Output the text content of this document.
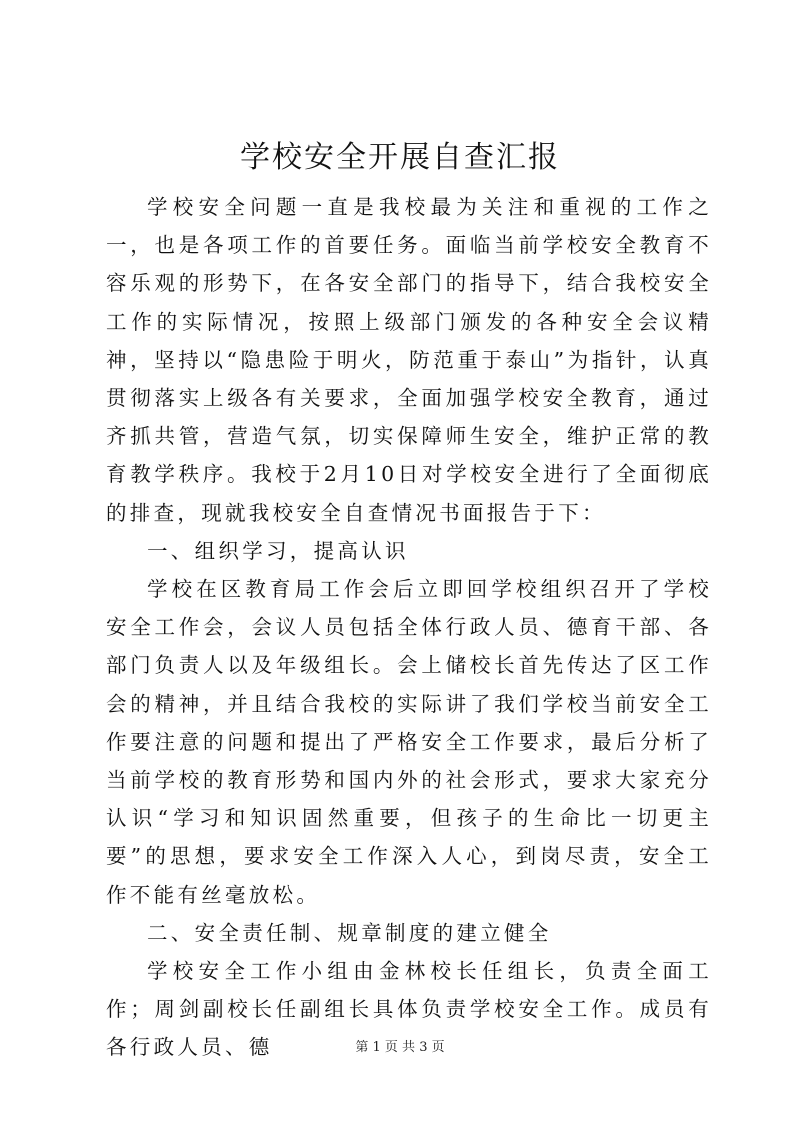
学校安全开展自查汇报

学校安全问题一直是我校最为关注和重视的工作之一，也是各项工作的首要任务。面临当前学校安全教育不容乐观的形势下，在各安全部门的指导下，结合我校安全工作的实际情况，按照上级部门颁发的各种安全会议精神，坚持以“隐患险于明火，防范重于泰山”为指针，认真贯彻落实上级各有关要求，全面加强学校安全教育，通过齐抓共管，营造气氛，切实保障师生安全，维护正常的教育教学秩序。我校于2月10日对学校安全进行了全面彻底的排查，现就我校安全自查情况书面报告于下：

一、组织学习，提高认识

学校在区教育局工作会后立即回学校组织召开了学校安全工作会，会议人员包括全体行政人员、德育干部、各部门负责人以及年级组长。会上储校长首先传达了区工作会的精神，并且结合我校的实际讲了我们学校当前安全工作要注意的问题和提出了严格安全工作要求，最后分析了当前学校的教育形势和国内外的社会形式，要求大家充分认识“学习和知识固然重要，但孩子的生命比一切更主要”的思想，要求安全工作深入人心，到岗尽责，安全工作不能有丝毫放松。

二、安全责任制、规章制度的建立健全

学校安全工作小组由金林校长任组长，负责全面工作；周剑副校长任副组长具体负责学校安全工作。成员有各行政人员、德	第 1 页 共 3 页
